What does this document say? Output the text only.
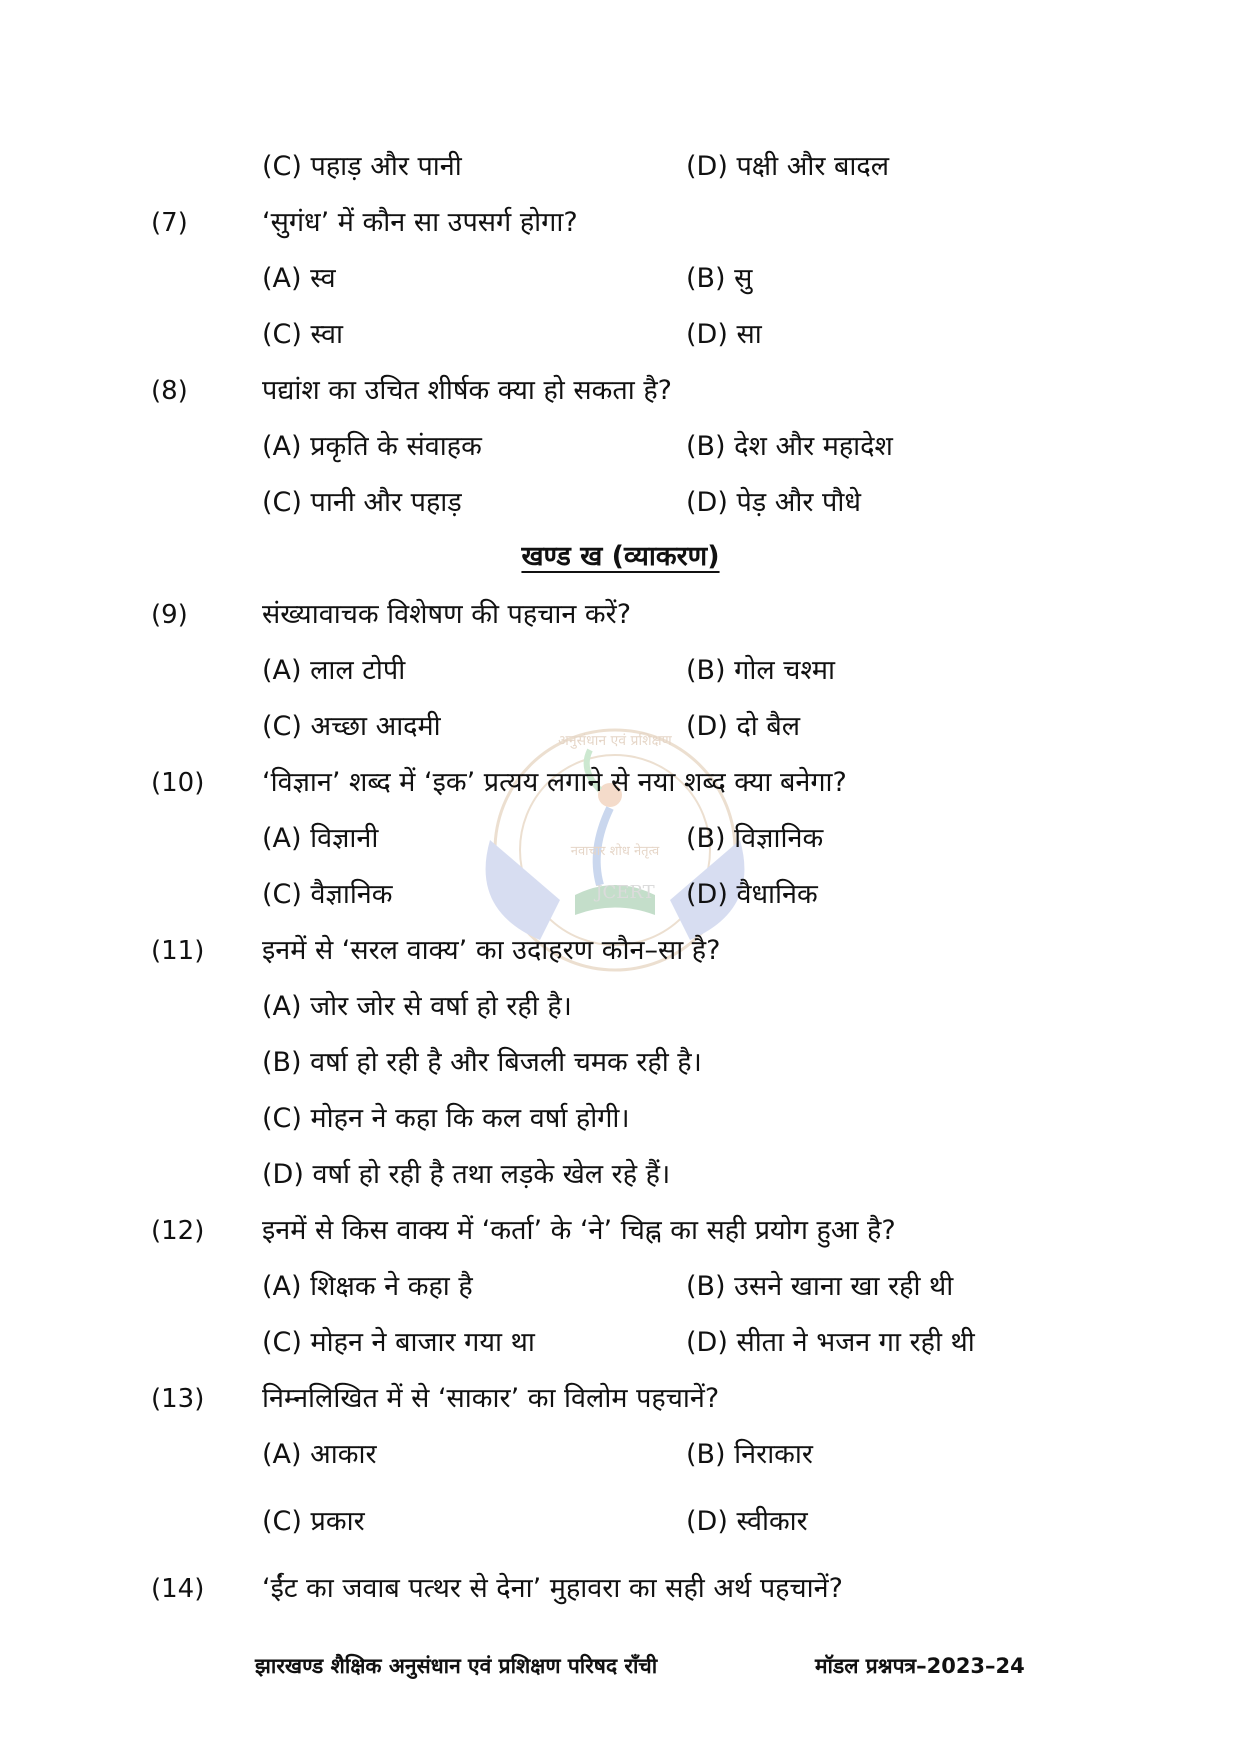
अनुसंधान एवं प्रशिक्षण
नवाचार शोध नेतृत्व
JCERT
(C) पहाड़ और पानी	(D) पक्षी और बादल
(7)	‘सुगंध’ में कौन सा उपसर्ग होगा?
(A) स्व	(B) सु
(C) स्वा	(D) सा
(8)	पद्यांश का उचित शीर्षक क्या हो सकता है?
(A) प्रकृति के संवाहक	(B) देश और महादेश
(C) पानी और पहाड़	(D) पेड़ और पौधे
खण्ड ख (व्याकरण)
(9)	संख्यावाचक विशेषण की पहचान करें?
(A) लाल टोपी	(B) गोल चश्मा
(C) अच्छा आदमी	(D) दो बैल
(10) ‘विज्ञान’ शब्द में ‘इक’ प्रत्यय लगाने से नया शब्द क्या बनेगा?
(A) विज्ञानी	(B) विज्ञानिक
(C) वैज्ञानिक	(D) वैधानिक
(11) इनमें से ‘सरल वाक्य’ का उदाहरण कौन–सा है?
(A) जोर जोर से वर्षा हो रही है।
(B) वर्षा हो रही है और बिजली चमक रही है।
(C) मोहन ने कहा कि कल वर्षा होगी।
(D) वर्षा हो रही है तथा लड़के खेल रहे हैं।
(12) इनमें से किस वाक्य में ‘कर्ता’ के ‘ने’ चिह्न का सही प्रयोग हुआ है?
(A) शिक्षक ने कहा है	(B) उसने खाना खा रही थी
(C) मोहन ने बाजार गया था	(D) सीता ने भजन गा रही थी
(13) निम्नलिखित में से ‘साकार’ का विलोम पहचानें?
(A) आकार	(B) निराकार
(C) प्रकार	(D) स्वीकार
(14) ‘ईंट का जवाब पत्थर से देना’ मुहावरा का सही अर्थ पहचानें?
झारखण्ड शैक्षिक अनुसंधान एवं प्रशिक्षण परिषद राँची	मॉडल प्रश्नपत्र–2023–24
